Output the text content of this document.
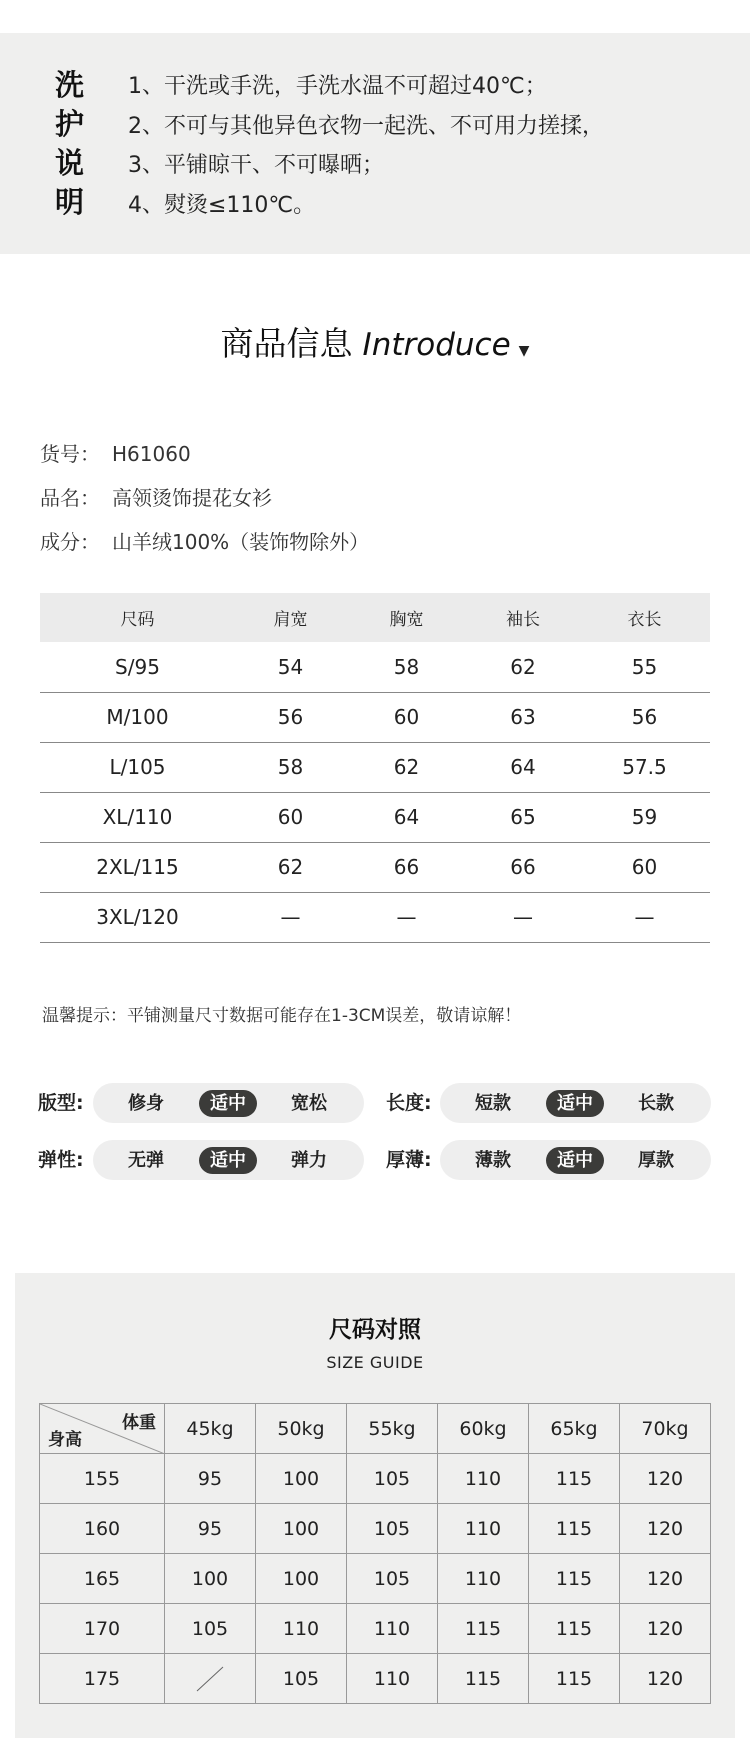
洗
护
说
明
1、干洗或手洗，手洗水温不可超过40℃；
2、不可与其他异色衣物一起洗、不可用力搓揉，
3、平铺晾干、不可曝晒；
4、熨烫≤110℃。
商品信息 Introduce ▼
货号： H61060
品名： 高领烫饰提花女衫
成分： 山羊绒100%（装饰物除外）
尺码	肩宽	胸宽	袖长	衣长
S/95	54	58	62	55
M/100	56	60	63	56
L/105	58	62	64	57.5
XL/110	60	64	65	59
2XL/115	62	66	66	60
3XL/120	—	—	—	—
温馨提示：平铺测量尺寸数据可能存在1-3CM误差，敬请谅解！
版型:	修身	适中	宽松	长度:	短款	适中	长款
弹性:	无弹	适中	弹力	厚薄:	薄款	适中	厚款
尺码对照
SIZE GUIDE
体重
身高	45kg	50kg	55kg	60kg	65kg	70kg
155	95	100	105	110	115	120
160	95	100	105	110	115	120
165	100	100	105	110	115	120
170	105	110	110	115	115	120
175		105	110	115	115	120
